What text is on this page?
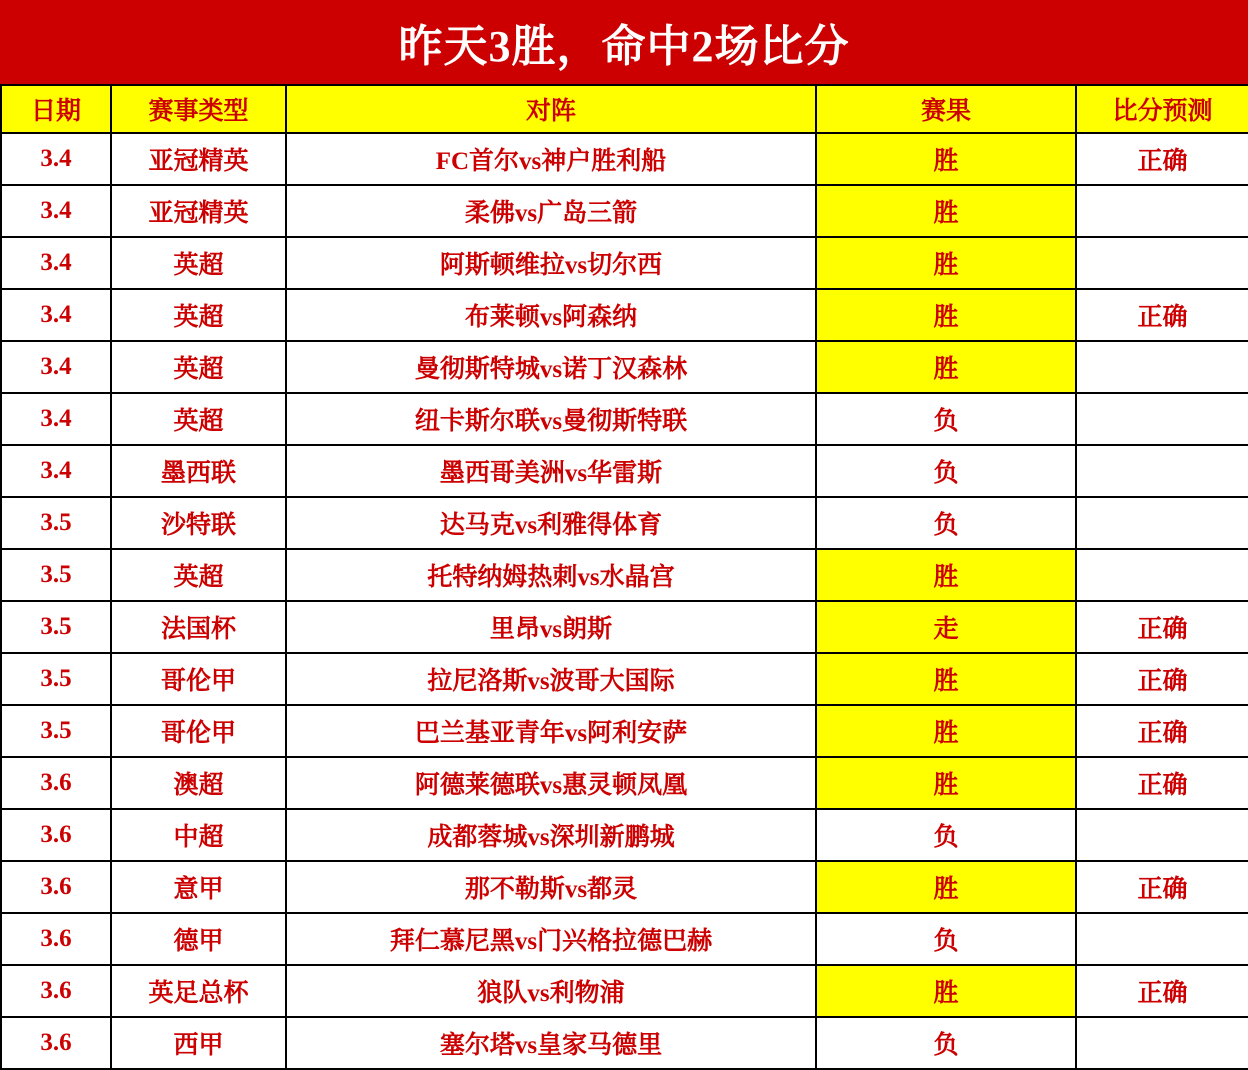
昨天3胜，命中2场比分
日期	赛事类型	对阵	赛果	比分预测
3.4	亚冠精英	FC首尔vs神户胜利船	胜	正确
3.4	亚冠精英	柔佛vs广岛三箭	胜	
3.4	英超	阿斯顿维拉vs切尔西	胜	
3.4	英超	布莱顿vs阿森纳	胜	正确
3.4	英超	曼彻斯特城vs诺丁汉森林	胜	
3.4	英超	纽卡斯尔联vs曼彻斯特联	负	
3.4	墨西联	墨西哥美洲vs华雷斯	负	
3.5	沙特联	达马克vs利雅得体育	负	
3.5	英超	托特纳姆热刺vs水晶宫	胜	
3.5	法国杯	里昂vs朗斯	走	正确
3.5	哥伦甲	拉尼洛斯vs波哥大国际	胜	正确
3.5	哥伦甲	巴兰基亚青年vs阿利安萨	胜	正确
3.6	澳超	阿德莱德联vs惠灵顿凤凰	胜	正确
3.6	中超	成都蓉城vs深圳新鹏城	负	
3.6	意甲	那不勒斯vs都灵	胜	正确
3.6	德甲	拜仁慕尼黑vs门兴格拉德巴赫	负	
3.6	英足总杯	狼队vs利物浦	胜	正确
3.6	西甲	塞尔塔vs皇家马德里	负	
